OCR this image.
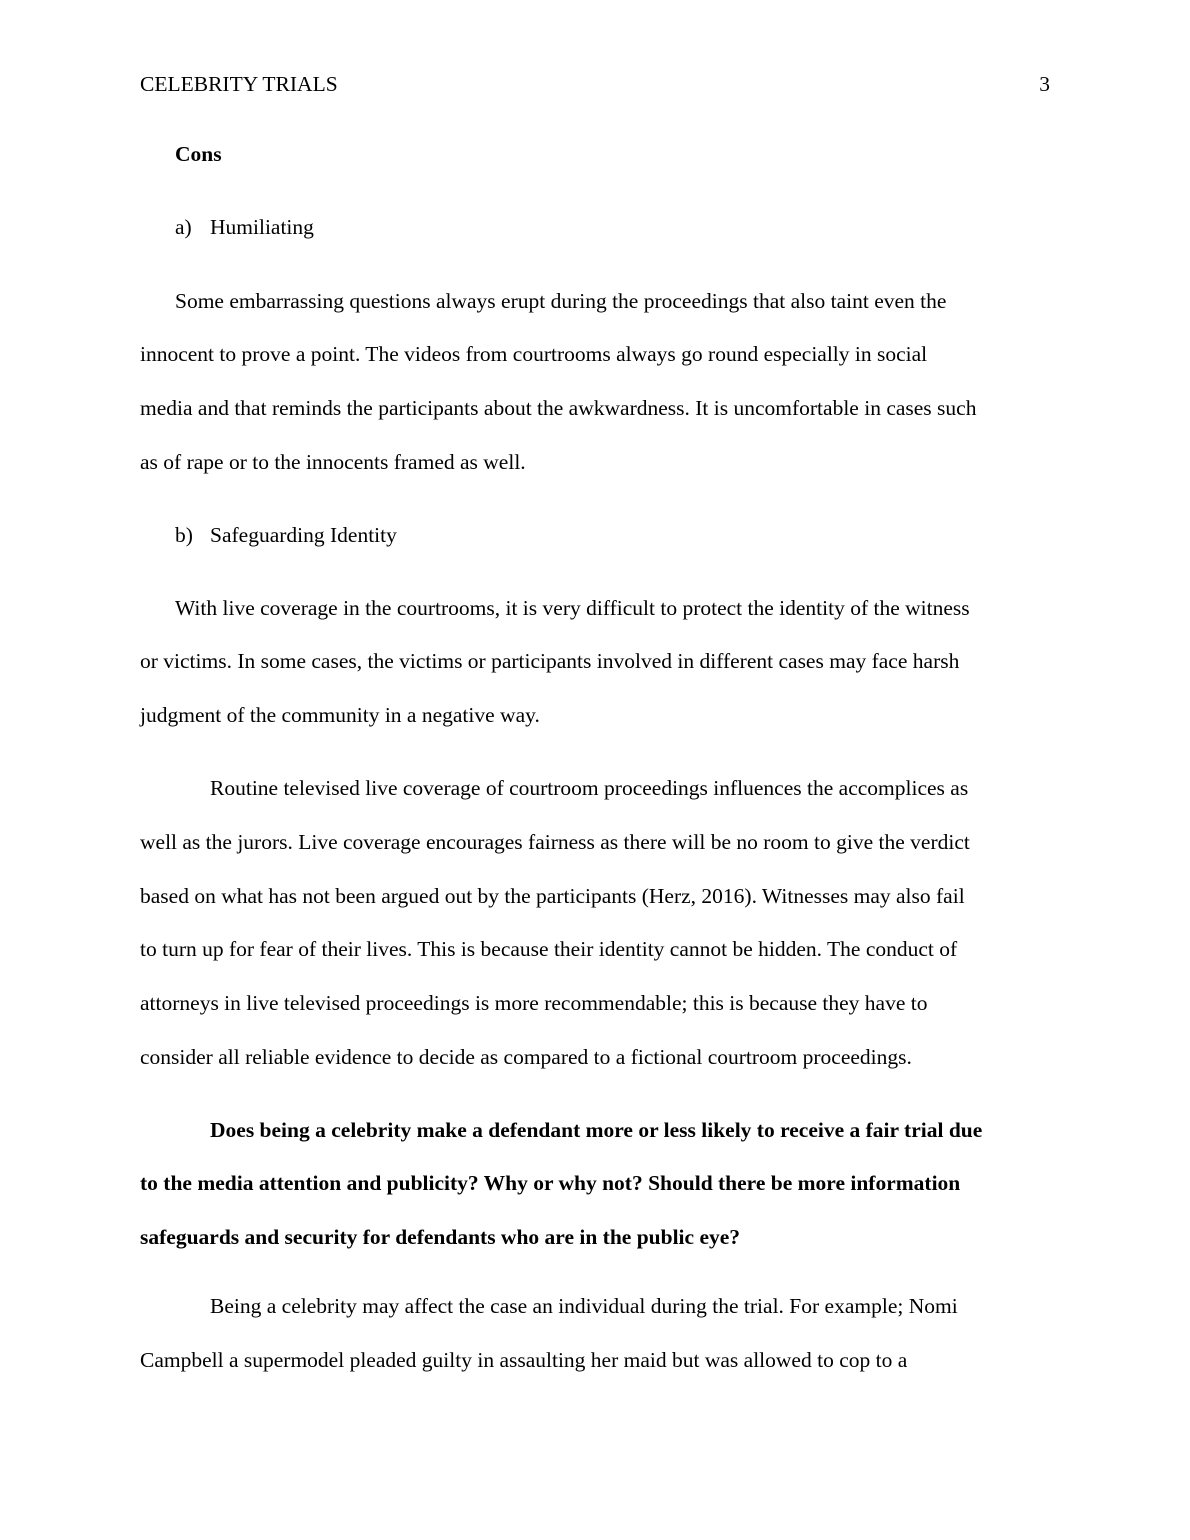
CELEBRITY TRIALS	3
Cons
a) Humiliating
Some embarrassing questions always erupt during the proceedings that also taint even the
innocent to prove a point. The videos from courtrooms always go round especially in social
media and that reminds the participants about the awkwardness. It is uncomfortable in cases such
as of rape or to the innocents framed as well.
b) Safeguarding Identity
With live coverage in the courtrooms, it is very difficult to protect the identity of the witness
or victims. In some cases, the victims or participants involved in different cases may face harsh
judgment of the community in a negative way.
Routine televised live coverage of courtroom proceedings influences the accomplices as
well as the jurors. Live coverage encourages fairness as there will be no room to give the verdict
based on what has not been argued out by the participants (Herz, 2016). Witnesses may also fail
to turn up for fear of their lives. This is because their identity cannot be hidden. The conduct of
attorneys in live televised proceedings is more recommendable; this is because they have to
consider all reliable evidence to decide as compared to a fictional courtroom proceedings.
Does being a celebrity make a defendant more or less likely to receive a fair trial due
to the media attention and publicity? Why or why not? Should there be more information
safeguards and security for defendants who are in the public eye?
Being a celebrity may affect the case an individual during the trial. For example; Nomi
Campbell a supermodel pleaded guilty in assaulting her maid but was allowed to cop to a
